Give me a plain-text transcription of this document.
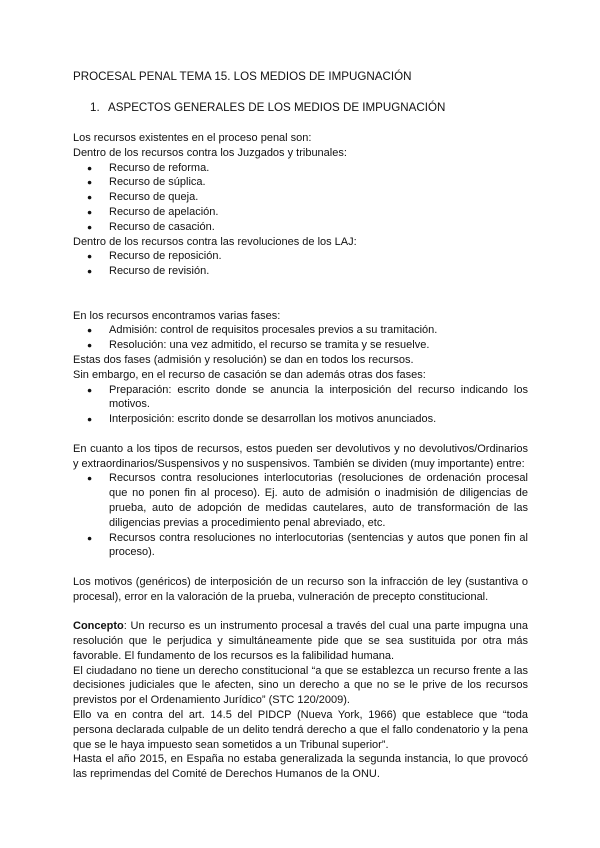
PROCESAL PENAL TEMA 15. LOS MEDIOS DE IMPUGNACIÓN
1. ASPECTOS GENERALES DE LOS MEDIOS DE IMPUGNACIÓN

Los recursos existentes en el proceso penal son:

Dentro de los recursos contra los Juzgados y tribunales:

● Recurso de reforma.
● Recurso de súplica.
● Recurso de queja.
● Recurso de apelación.
● Recurso de casación.

Dentro de los recursos contra las revoluciones de los LAJ:

● Recurso de reposición.
● Recurso de revisión.

En los recursos encontramos varias fases:

● Admisión: control de requisitos procesales previos a su tramitación.
● Resolución: una vez admitido, el recurso se tramita y se resuelve.

Estas dos fases (admisión y resolución) se dan en todos los recursos.

Sin embargo, en el recurso de casación se dan además otras dos fases:

● Preparación: escrito donde se anuncia la interposición del recurso indicando los motivos.
● Interposición: escrito donde se desarrollan los motivos anunciados.

En cuanto a los tipos de recursos, estos pueden ser devolutivos y no devolutivos/Ordinarios y extraordinarios/Suspensivos y no suspensivos. También se dividen (muy importante) entre:

● Recursos contra resoluciones interlocutorias (resoluciones de ordenación procesal que no ponen fin al proceso). Ej. auto de admisión o inadmisión de diligencias de prueba, auto de adopción de medidas cautelares, auto de transformación de las diligencias previas a procedimiento penal abreviado, etc.
● Recursos contra resoluciones no interlocutorias (sentencias y autos que ponen fin al proceso).

Los motivos (genéricos) de interposición de un recurso son la infracción de ley (sustantiva o procesal), error en la valoración de la prueba, vulneración de precepto constitucional.

Concepto: Un recurso es un instrumento procesal a través del cual una parte impugna una resolución que le perjudica y simultáneamente pide que se sea sustituida por otra más favorable. El fundamento de los recursos es la falibilidad humana.

El ciudadano no tiene un derecho constitucional “a que se establezca un recurso frente a las decisiones judiciales que le afecten, sino un derecho a que no se le prive de los recursos previstos por el Ordenamiento Jurídico” (STC 120/2009).

Ello va en contra del art. 14.5 del PIDCP (Nueva York, 1966) que establece que “toda persona declarada culpable de un delito tendrá derecho a que el fallo condenatorio y la pena que se le haya impuesto sean sometidos a un Tribunal superior”.

Hasta el año 2015, en España no estaba generalizada la segunda instancia, lo que provocó las reprimendas del Comité de Derechos Humanos de la ONU.
